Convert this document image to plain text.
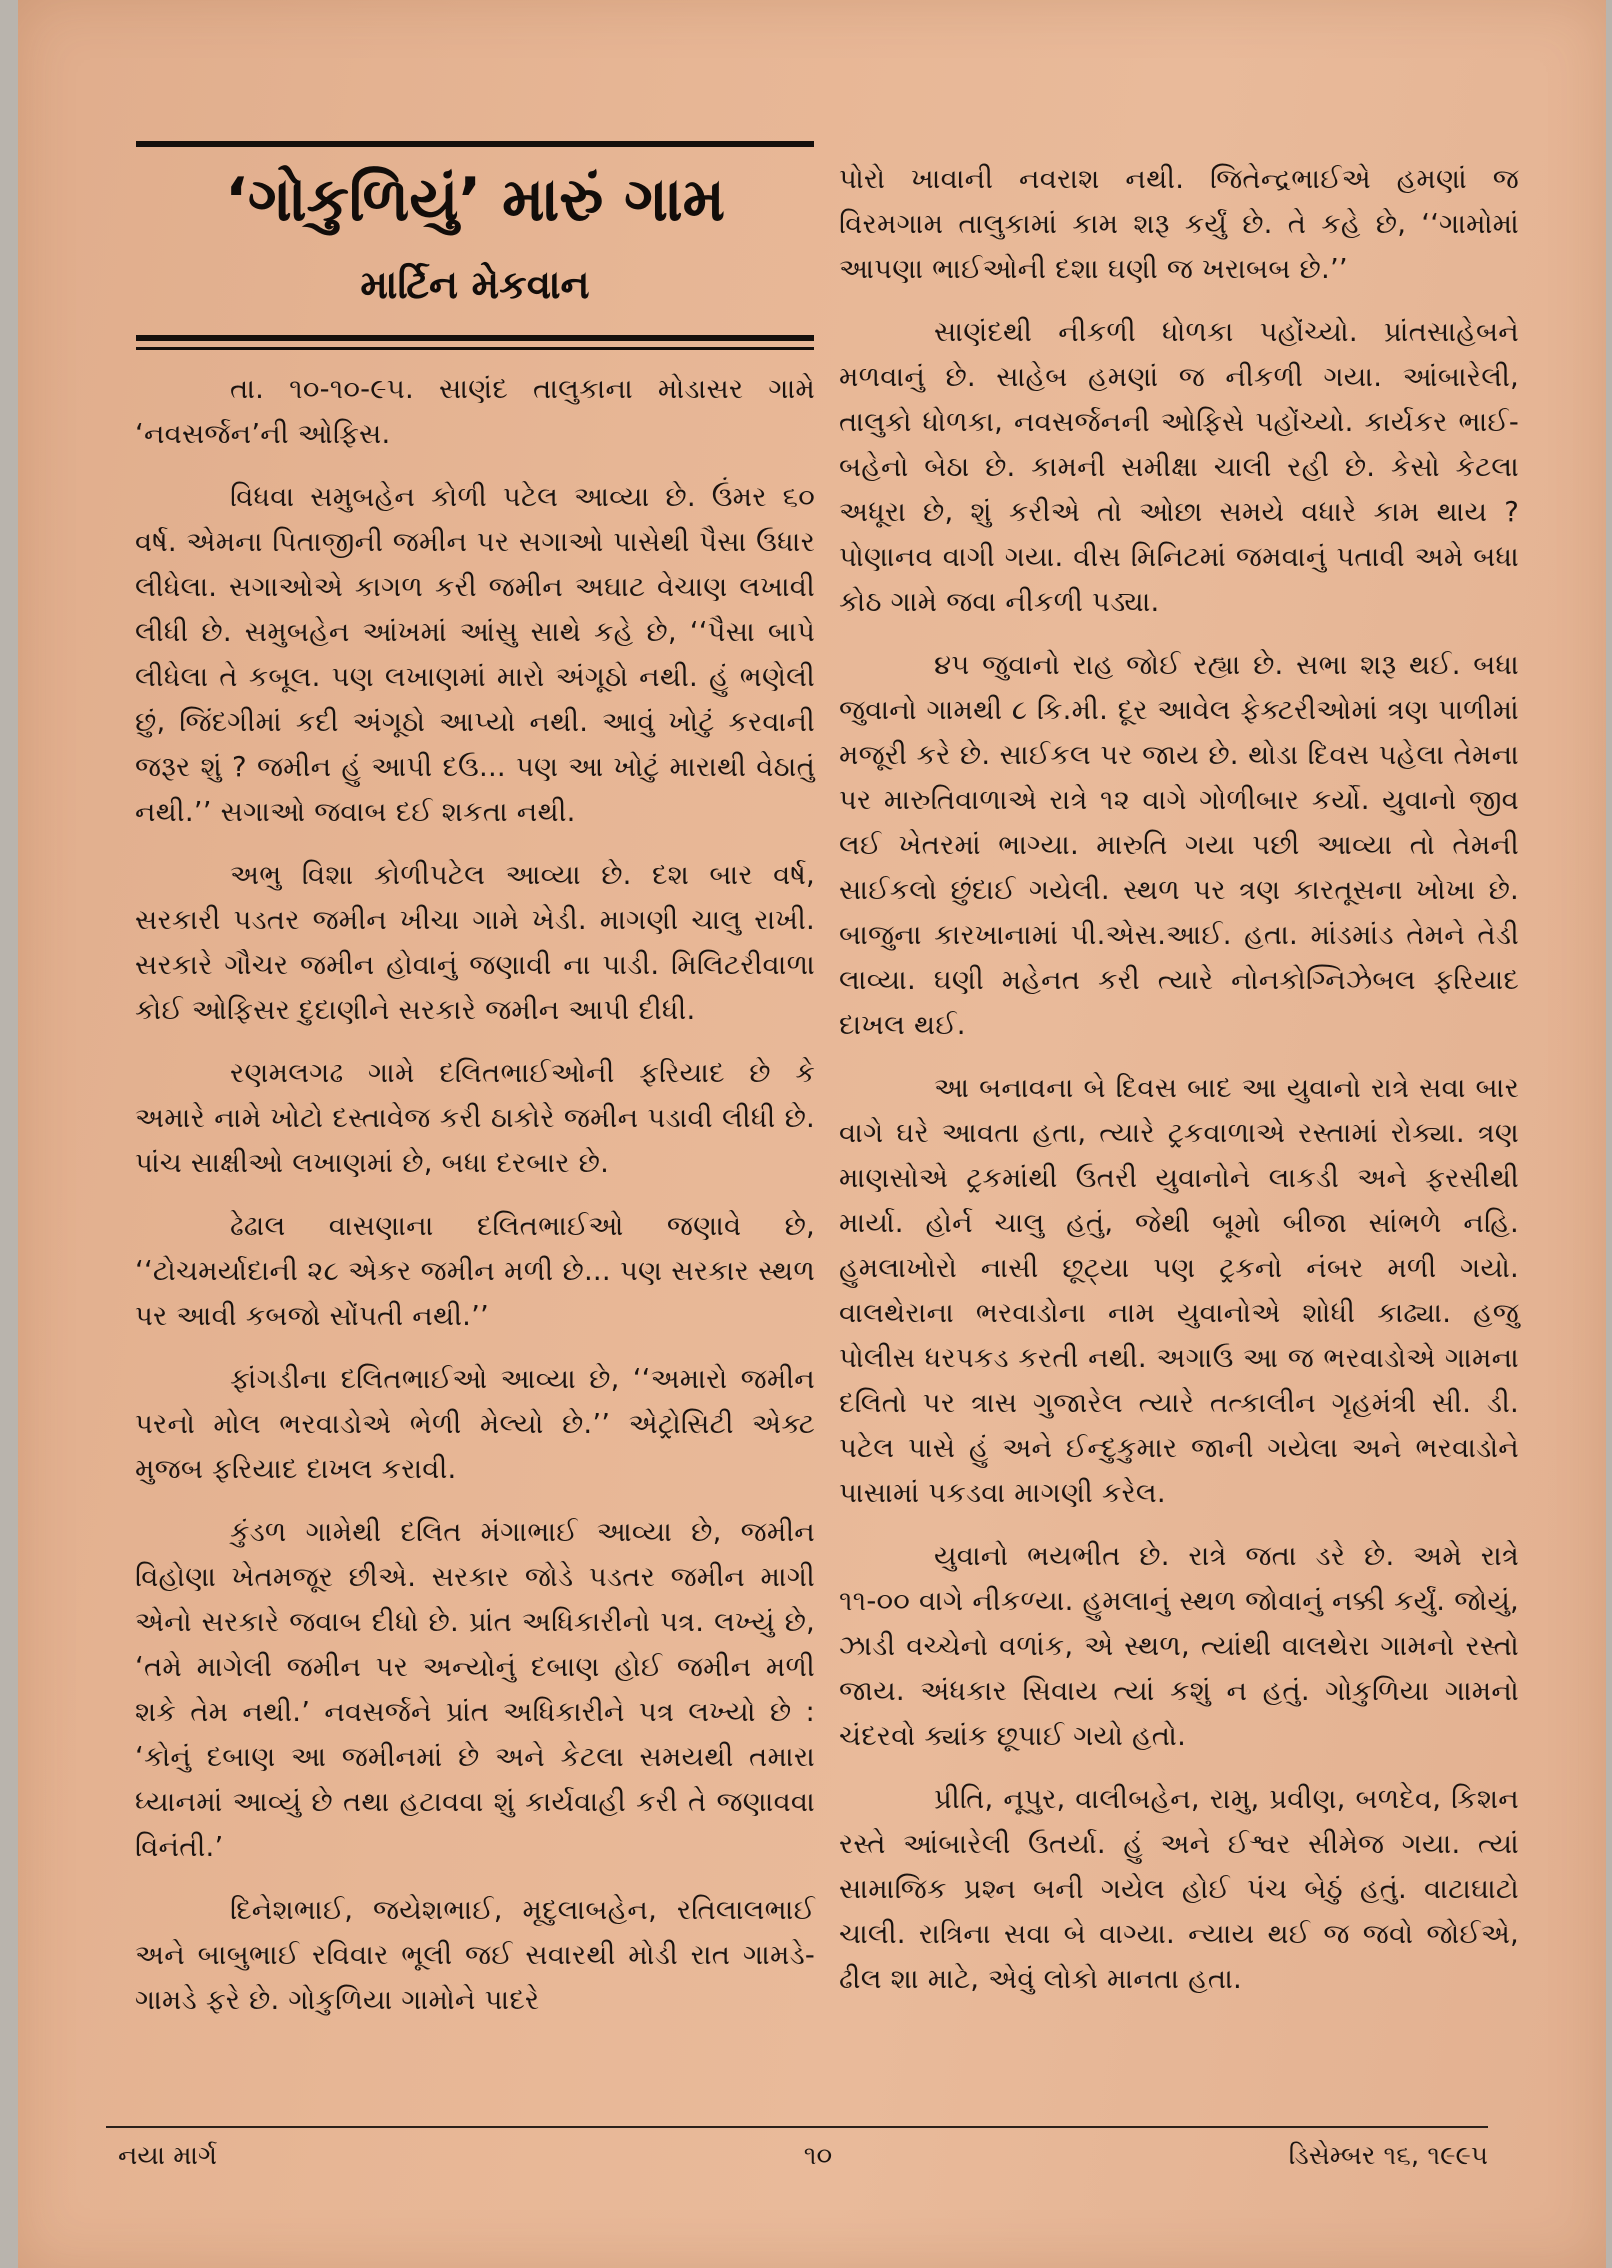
‘ગોકુળિયું’ મારું ગામ
માર્ટિન મેકવાન

તા. ૧૦-૧૦-૯૫. સાણંદ તાલુકાના મોડાસર ગામે ‘નવસર્જન’ની ઓફિસ.

વિધવા સમુબહેન કોળી પટેલ આવ્યા છે. ઉંમર ૬૦ વર્ષ. એમના પિતાજીની જમીન પર સગાઓ પાસેથી પૈસા ઉધાર લીધેલા. સગાઓએ કાગળ કરી જમીન અઘાટ વેચાણ લખાવી લીધી છે. સમુબહેન આંખમાં આંસુ સાથે કહે છે, ‘‘પૈસા બાપે લીધેલા તે કબૂલ. પણ લખાણમાં મારો અંગૂઠો નથી. હું ભણેલી છું, જિંદગીમાં કદી અંગૂઠો આપ્યો નથી. આવું ખોટું કરવાની જરૂર શું ? જમીન હું આપી દઉ... પણ આ ખોટું મારાથી વેઠાતું નથી.’’ સગાઓ જવાબ દઈ શકતા નથી.

અભુ વિશા કોળીપટેલ આવ્યા છે. દશ બાર વર્ષ, સરકારી પડતર જમીન ખીચા ગામે ખેડી. માગણી ચાલુ રાખી. સરકારે ગૌચર જમીન હોવાનું જણાવી ના પાડી. મિલિટરીવાળા કોઈ ઓફિસર દુદાણીને સરકારે જમીન આપી દીધી.

રણમલગઢ ગામે દલિતભાઈઓની ફરિયાદ છે કે અમારે નામે ખોટો દસ્તાવેજ કરી ઠાકોરે જમીન પડાવી લીધી છે. પાંચ સાક્ષીઓ લખાણમાં છે, બધા દરબાર છે.

ઢેઢાલ વાસણાના દલિતભાઈઓ જણાવે છે, ‘‘ટોચમર્યાદાની ૨૮ એકર જમીન મળી છે... પણ સરકાર સ્થળ પર આવી કબજો સોંપતી નથી.’’

ફાંગડીના દલિતભાઈઓ આવ્યા છે, ‘‘અમારો જમીન પરનો મોલ ભરવાડોએ ભેળી મેલ્યો છે.’’ એટ્રોસિટી એક્ટ મુજબ ફરિયાદ દાખલ કરાવી.

કુંડળ ગામેથી દલિત મંગાભાઈ આવ્યા છે, જમીન વિહોણા ખેતમજૂર છીએ. સરકાર જોડે પડતર જમીન માગી એનો સરકારે જવાબ દીધો છે. પ્રાંત અધિકારીનો પત્ર. લખ્યું છે, ‘તમે માગેલી જમીન પર અન્યોનું દબાણ હોઈ જમીન મળી શકે તેમ નથી.’ નવસર્જને પ્રાંત અધિકારીને પત્ર લખ્યો છે : ‘કોનું દબાણ આ જમીનમાં છે અને કેટલા સમયથી તમારા ધ્યાનમાં આવ્યું છે તથા હટાવવા શું કાર્યવાહી કરી તે જણાવવા વિનંતી.’

દિનેશભાઈ, જયેશભાઈ, મૃદુલાબહેન, રતિલાલભાઈ અને બાબુભાઈ રવિવાર ભૂલી જઈ સવારથી મોડી રાત ગામડે-ગામડે ફરે છે. ગોકુળિયા ગામોને પાદરે

પોરો ખાવાની નવરાશ નથી. જિતેન્દ્રભાઈએ હમણાં જ વિરમગામ તાલુકામાં કામ શરૂ કર્યું છે. તે કહે છે, ‘‘ગામોમાં આપણા ભાઈઓની દશા ઘણી જ ખરાબબ છે.’’

સાણંદથી નીકળી ધોળકા પહોંચ્યો. પ્રાંતસાહેબને મળવાનું છે. સાહેબ હમણાં જ નીકળી ગયા. આંબારેલી, તાલુકો ધોળકા, નવસર્જનની ઓફિસે પહોંચ્યો. કાર્યકર ભાઈ-બહેનો બેઠા છે. કામની સમીક્ષા ચાલી રહી છે. કેસો કેટલા અધૂરા છે, શું કરીએ તો ઓછા સમયે વધારે કામ થાય ? પોણાનવ વાગી ગયા. વીસ મિનિટમાં જમવાનું પતાવી અમે બધા કોઠ ગામે જવા નીકળી પડ્યા.

૪૫ જુવાનો રાહ જોઈ રહ્યા છે. સભા શરૂ થઈ. બધા જુવાનો ગામથી ૮ કિ.મી. દૂર આવેલ ફેક્ટરીઓમાં ત્રણ પાળીમાં મજૂરી કરે છે. સાઈકલ પર જાય છે. થોડા દિવસ પહેલા તેમના પર મારુતિવાળાએ રાત્રે ૧૨ વાગે ગોળીબાર કર્યો. યુવાનો જીવ લઈ ખેતરમાં ભાગ્યા. મારુતિ ગયા પછી આવ્યા તો તેમની સાઈકલો છુંદાઈ ગયેલી. સ્થળ પર ત્રણ કારતૂસના ખોખા છે. બાજુના કારખાનામાં પી.એસ.આઈ. હતા. માંડમાંડ તેમને તેડી લાવ્યા. ઘણી મહેનત કરી ત્યારે નોનકોગ્નિઝેબલ ફરિયાદ દાખલ થઈ.

આ બનાવના બે દિવસ બાદ આ યુવાનો રાત્રે સવા બાર વાગે ઘરે આવતા હતા, ત્યારે ટ્રકવાળાએ રસ્તામાં રોક્યા. ત્રણ માણસોએ ટ્રકમાંથી ઉતરી યુવાનોને લાકડી અને ફરસીથી માર્યા. હોર્ન ચાલુ હતું, જેથી બૂમો બીજા સાંભળે નહિ. હુમલાખોરો નાસી છૂટ્યા પણ ટ્રકનો નંબર મળી ગયો. વાલથેરાના ભરવાડોના નામ યુવાનોએ શોધી કાઢ્યા. હજુ પોલીસ ધરપકડ કરતી નથી. અગાઉ આ જ ભરવાડોએ ગામના દલિતો પર ત્રાસ ગુજારેલ ત્યારે તત્કાલીન ગૃહમંત્રી સી. ડી. પટેલ પાસે હું અને ઈન્દુકુમાર જાની ગયેલા અને ભરવાડોને પાસામાં પકડવા માગણી કરેલ.

યુવાનો ભયભીત છે. રાત્રે જતા ડરે છે. અમે રાત્રે ૧૧-૦૦ વાગે નીકળ્યા. હુમલાનું સ્થળ જોવાનું નક્કી કર્યું. જોયું, ઝાડી વચ્ચેનો વળાંક, એ સ્થળ, ત્યાંથી વાલથેરા ગામનો રસ્તો જાય. અંધકાર સિવાય ત્યાં કશું ન હતું. ગોકુળિયા ગામનો ચંદરવો ક્યાંક છૂપાઈ ગયો હતો.

પ્રીતિ, નૂપુર, વાલીબહેન, રામુ, પ્રવીણ, બળદેવ, કિશન રસ્તે આંબારેલી ઉતર્યા. હું અને ઈશ્વર સીમેજ ગયા. ત્યાં સામાજિક પ્રશ્ન બની ગયેલ હોઈ પંચ બેઠું હતું. વાટાઘાટો ચાલી. રાત્રિના સવા બે વાગ્યા. ન્યાય થઈ જ જવો જોઈએ, ઢીલ શા માટે, એવું લોકો માનતા હતા.

નયા માર્ગ	૧૦	ડિસેમ્બર ૧૬, ૧૯૯૫
